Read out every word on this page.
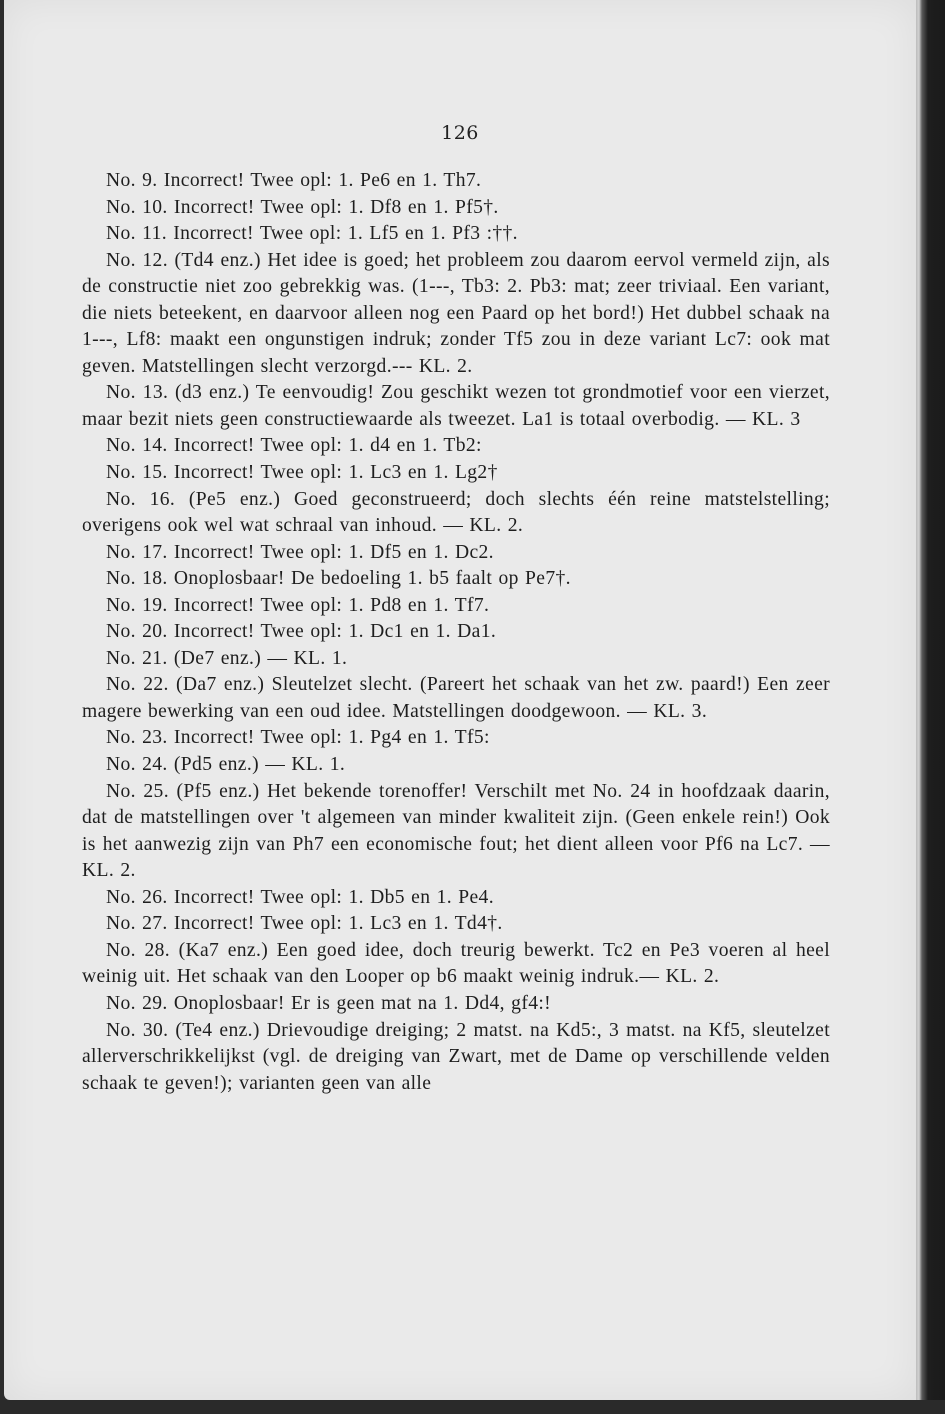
126

No. 9. Incorrect! Twee opl: 1. Pe6 en 1. Th7.

No. 10. Incorrect! Twee opl: 1. Df8 en 1. Pf5†.

No. 11. Incorrect! Twee opl: 1. Lf5 en 1. Pf3 :††.

No. 12. (Td4 enz.) Het idee is goed; het probleem zou daarom eervol vermeld zijn, als de constructie niet zoo gebrekkig was. (1---, Tb3: 2. Pb3: mat; zeer triviaal. Een variant, die niets beteekent, en daarvoor alleen nog een Paard op het bord!) Het dubbel schaak na 1---, Lf8: maakt een ongunstigen indruk; zonder Tf5 zou in deze variant Lc7: ook mat geven. Matstellingen slecht verzorgd.--- KL. 2.

No. 13. (d3 enz.) Te eenvoudig! Zou geschikt wezen tot grondmotief voor een vierzet, maar bezit niets geen constructiewaarde als tweezet. La1 is totaal overbodig. — KL. 3

No. 14. Incorrect! Twee opl: 1. d4 en 1. Tb2:

No. 15. Incorrect! Twee opl: 1. Lc3 en 1. Lg2†

No. 16. (Pe5 enz.) Goed geconstrueerd; doch slechts één reine matstelstelling; overigens ook wel wat schraal van inhoud. — KL. 2.

No. 17. Incorrect! Twee opl: 1. Df5 en 1. Dc2.

No. 18. Onoplosbaar! De bedoeling 1. b5 faalt op Pe7†.

No. 19. Incorrect! Twee opl: 1. Pd8 en 1. Tf7.

No. 20. Incorrect! Twee opl: 1. Dc1 en 1. Da1.

No. 21. (De7 enz.) — KL. 1.

No. 22. (Da7 enz.) Sleutelzet slecht. (Pareert het schaak van het zw. paard!) Een zeer magere bewerking van een oud idee. Matstellingen doodgewoon. — KL. 3.

No. 23. Incorrect! Twee opl: 1. Pg4 en 1. Tf5:

No. 24. (Pd5 enz.) — KL. 1.

No. 25. (Pf5 enz.) Het bekende torenoffer! Verschilt met No. 24 in hoofdzaak daarin, dat de matstellingen over 't algemeen van minder kwaliteit zijn. (Geen enkele rein!) Ook is het aanwezig zijn van Ph7 een economische fout; het dient alleen voor Pf6 na Lc7. — KL. 2.

No. 26. Incorrect! Twee opl: 1. Db5 en 1. Pe4.

No. 27. Incorrect! Twee opl: 1. Lc3 en 1. Td4†.

No. 28. (Ka7 enz.) Een goed idee, doch treurig bewerkt. Tc2 en Pe3 voeren al heel weinig uit. Het schaak van den Looper op b6 maakt weinig indruk.— KL. 2.

No. 29. Onoplosbaar! Er is geen mat na 1. Dd4, gf4:!

No. 30. (Te4 enz.) Drievoudige dreiging; 2 matst. na Kd5:, 3 matst. na Kf5, sleutelzet allerverschrikkelijkst (vgl. de dreiging van Zwart, met de Dame op verschillende velden schaak te geven!); varianten geen van alle
